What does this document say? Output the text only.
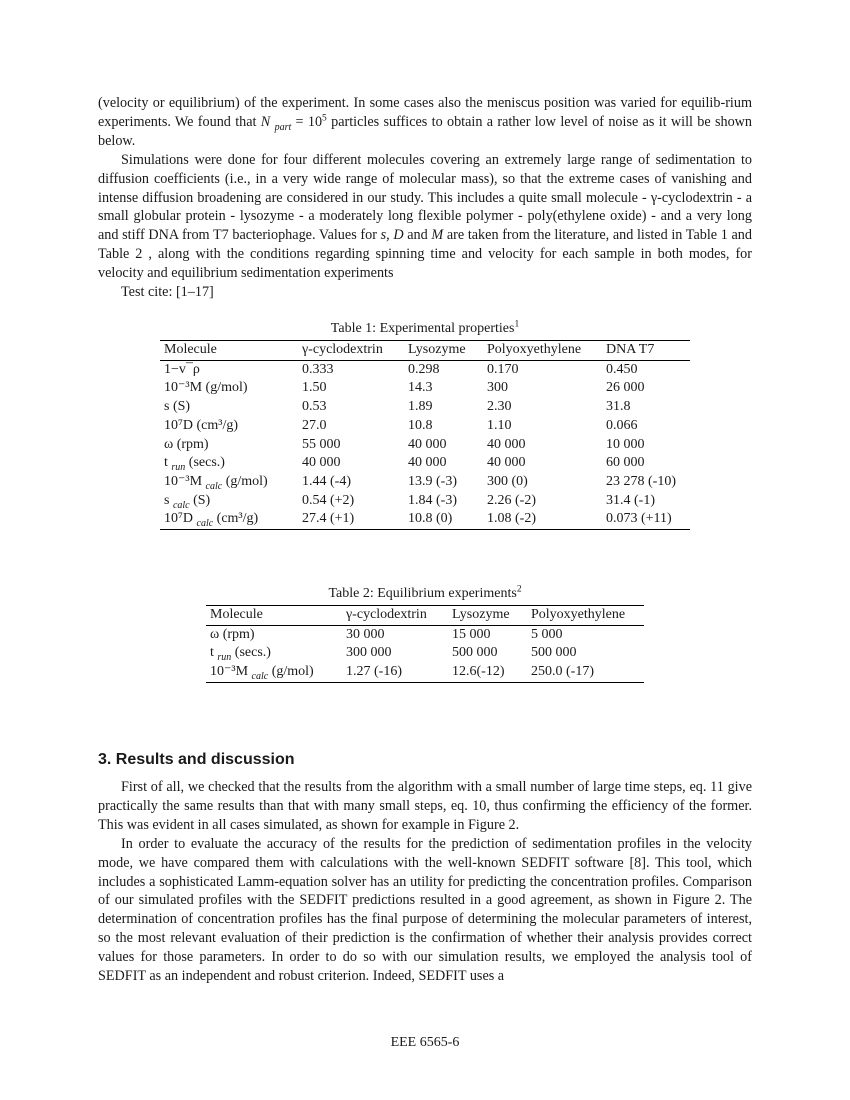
(velocity or equilibrium) of the experiment. In some cases also the meniscus position was varied for equilib-rium experiments. We found that N $_{part} = 10^5$ particles suffices to obtain a rather low level of noise as it will be shown below.

Simulations were done for four different molecules covering an extremely large range of sedimentation to diffusion coefficients (i.e., in a very wide range of molecular mass), so that the extreme cases of vanishing and intense diffusion broadening are considered in our study. This includes a quite small molecule - γ-cyclodextrin - a small globular protein - lysozyme - a moderately long flexible polymer - poly(ethylene oxide) - and a very long and stiff DNA from T7 bacteriophage. Values for s, D and M are taken from the literature, and listed in Table 1 and Table 2 , along with the conditions regarding spinning time and velocity for each sample in both modes, for velocity and equilibrium sedimentation experiments

Test cite: [1–17]

Table 1: Experimental properties$^1$
Molecule	γ-cyclodextrin	Lysozyme	Polyoxyethylene	DNA T7
1−v¯ρ	0.333	0.298	0.170	0.450
10⁻³M (g/mol)	1.50	14.3	300	26 000
s (S)	0.53	1.89	2.30	31.8
10⁷D (cm³/g)	27.0	10.8	1.10	0.066
ω (rpm)	55 000	40 000	40 000	10 000
t $_{run}$ (secs.)	40 000	40 000	40 000	60 000
10⁻³M $_{calc}$ (g/mol)	1.44 (-4)	13.9 (-3)	300 (0)	23 278 (-10)
s $_{calc}$ (S)	0.54 (+2)	1.84 (-3)	2.26 (-2)	31.4 (-1)
10⁷D $_{calc}$ (cm³/g)	27.4 (+1)	10.8 (0)	1.08 (-2)	0.073 (+11)
Table 2: Equilibrium experiments$^2$
Molecule	γ-cyclodextrin	Lysozyme	Polyoxyethylene
ω (rpm)	30 000	15 000	5 000
t $_{run}$ (secs.)	300 000	500 000	500 000
10⁻³M $_{calc}$ (g/mol)	1.27 (-16)	12.6(-12)	250.0 (-17)
3. Results and discussion

First of all, we checked that the results from the algorithm with a small number of large time steps, eq. 11 give practically the same results than that with many small steps, eq. 10, thus confirming the efficiency of the former. This was evident in all cases simulated, as shown for example in Figure 2.

In order to evaluate the accuracy of the results for the prediction of sedimentation profiles in the velocity mode, we have compared them with calculations with the well-known SEDFIT software [8]. This tool, which includes a sophisticated Lamm-equation solver has an utility for predicting the concentration profiles. Comparison of our simulated profiles with the SEDFIT predictions resulted in a good agreement, as shown in Figure 2. The determination of concentration profiles has the final purpose of determining the molecular parameters of interest, so the most relevant evaluation of their prediction is the confirmation of whether their analysis provides correct values for those parameters. In order to do so with our simulation results, we employed the analysis tool of SEDFIT as an independent and robust criterion. Indeed, SEDFIT uses a

EEE 6565-6
